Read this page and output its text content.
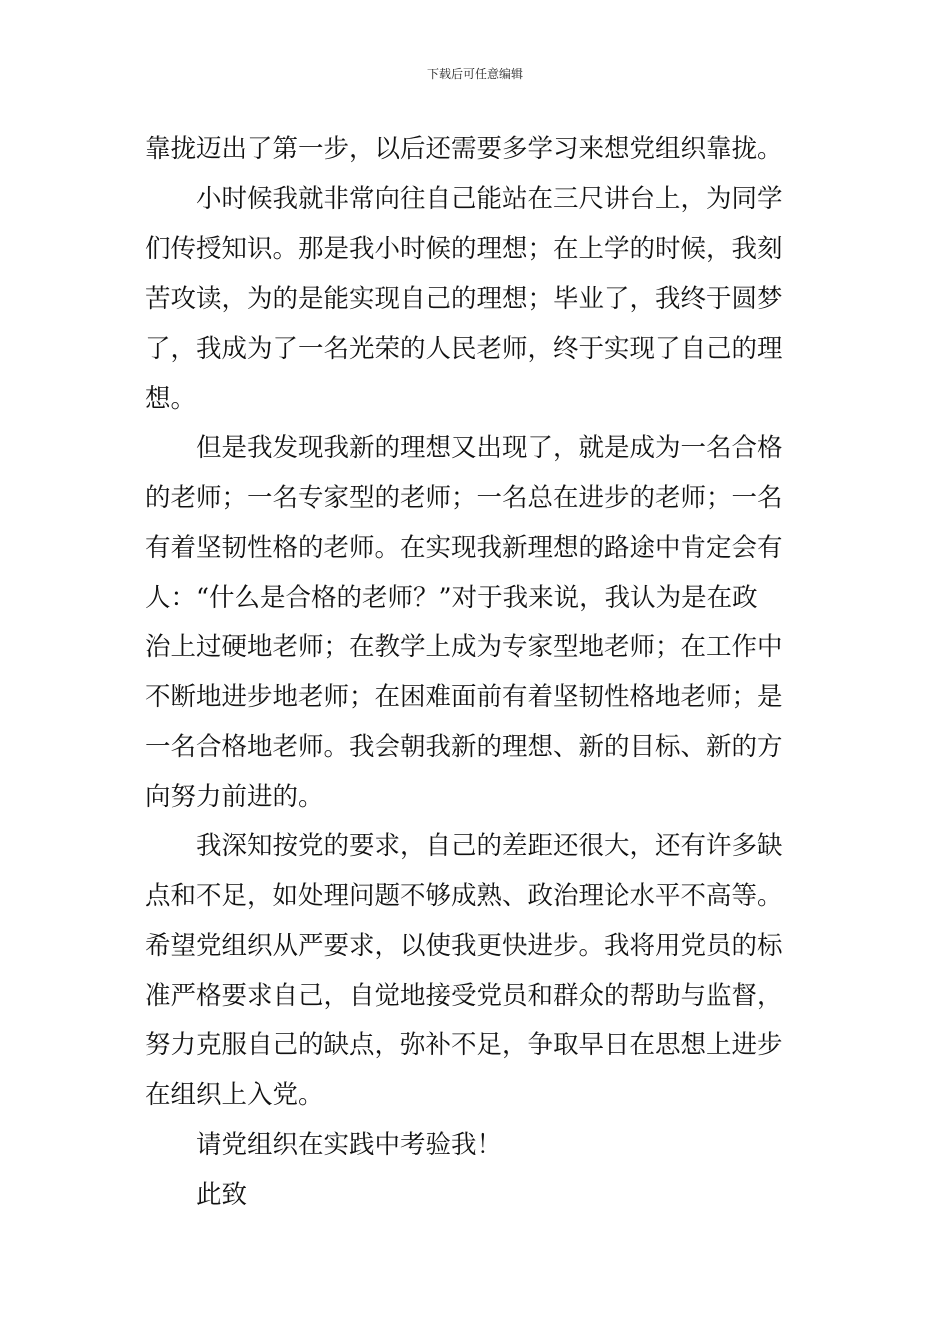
下载后可任意编辑
靠拢迈出了第一步，以后还需要多学习来想党组织靠拢。
小时候我就非常向往自己能站在三尺讲台上，为同学
们传授知识。那是我小时候的理想；在上学的时候，我刻
苦攻读，为的是能实现自己的理想；毕业了，我终于圆梦
了，我成为了一名光荣的人民老师，终于实现了自己的理
想。
但是我发现我新的理想又出现了，就是成为一名合格
的老师；一名专家型的老师；一名总在进步的老师；一名
有着坚韧性格的老师。在实现我新理想的路途中肯定会有
人：“什么是合格的老师？”对于我来说，我认为是在政
治上过硬地老师；在教学上成为专家型地老师；在工作中
不断地进步地老师；在困难面前有着坚韧性格地老师；是
一名合格地老师。我会朝我新的理想、新的目标、新的方
向努力前进的。
我深知按党的要求，自己的差距还很大，还有许多缺
点和不足，如处理问题不够成熟、政治理论水平不高等。
希望党组织从严要求，以使我更快进步。我将用党员的标
准严格要求自己，自觉地接受党员和群众的帮助与监督，
努力克服自己的缺点，弥补不足，争取早日在思想上进步
在组织上入党。
请党组织在实践中考验我！
此致
